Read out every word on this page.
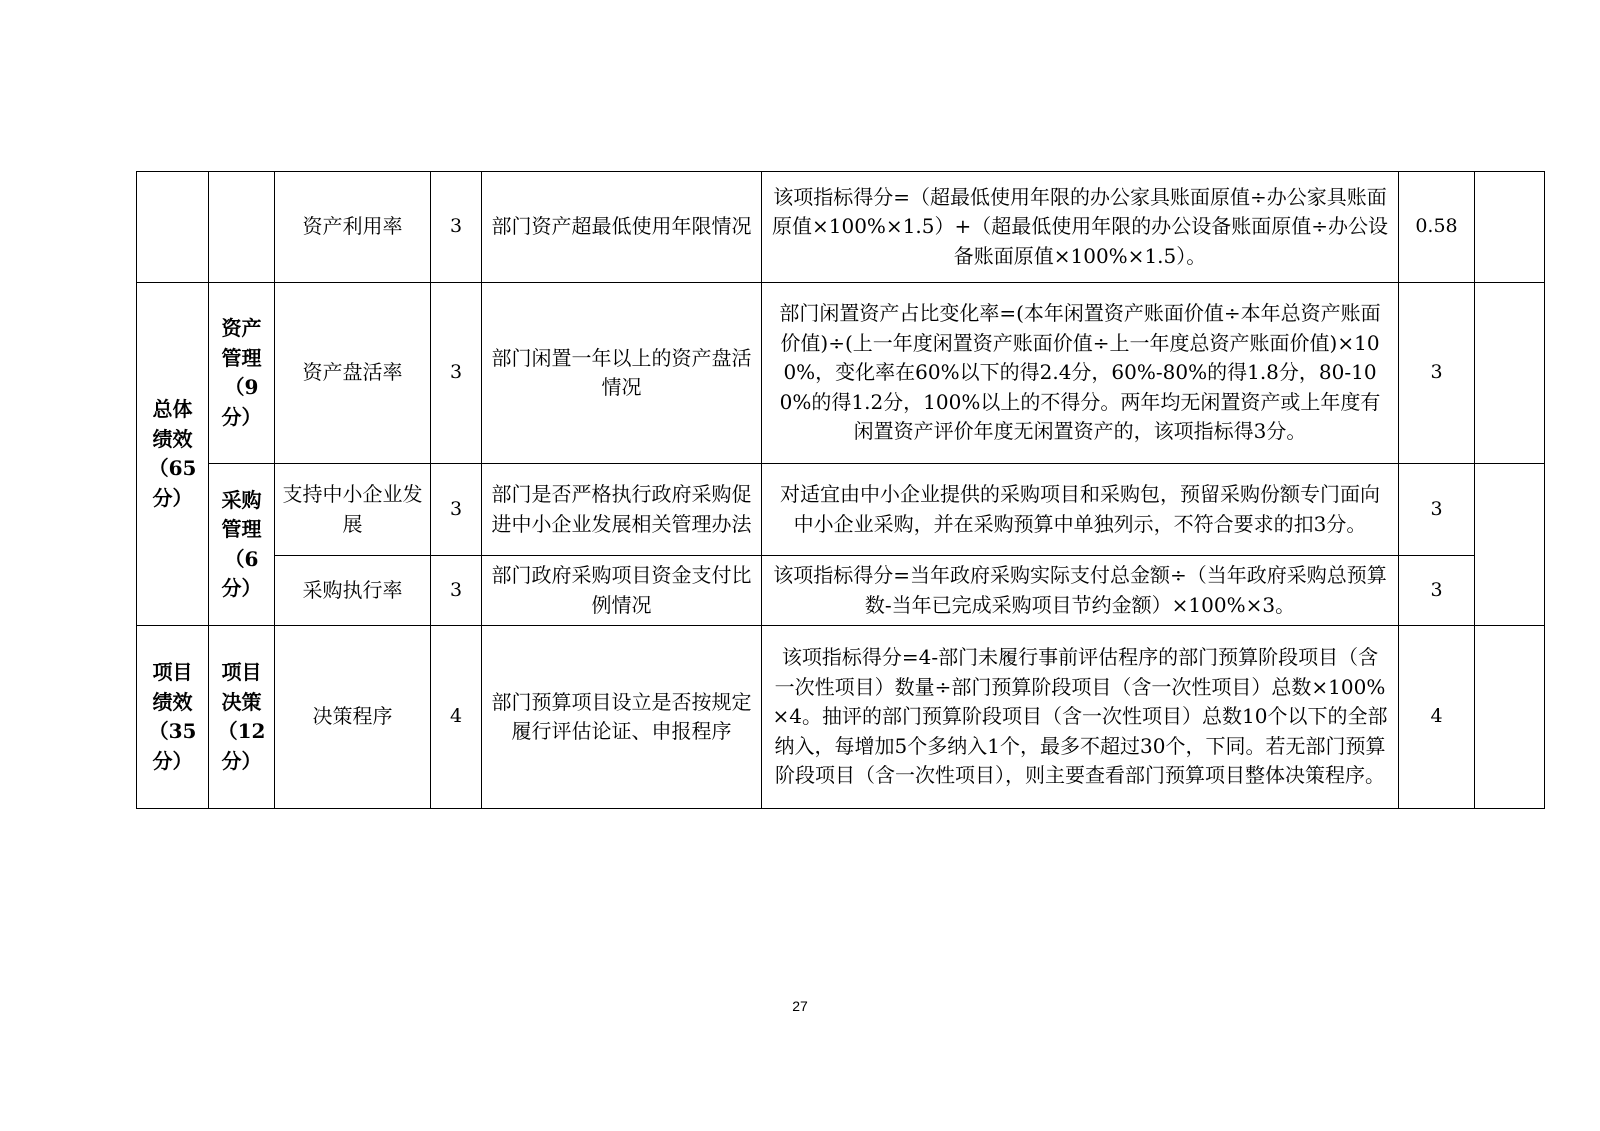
		资产利用率	3	部门资产超最低使用年限情况	该项指标得分=（超最低使用年限的办公家具账面原值÷办公家具账面原值×100%×1.5）+（超最低使用年限的办公设备账面原值÷办公设备账面原值×100%×1.5）。	0.58	
总体绩效（65分）	资产管理（9分）	资产盘活率	3	部门闲置一年以上的资产盘活情况	部门闲置资产占比变化率=(本年闲置资产账面价值÷本年总资产账面价值)÷(上一年度闲置资产账面价值÷上一年度总资产账面价值)×100%，变化率在60%以下的得2.4分，60%-80%的得1.8分，80-100%的得1.2分，100%以上的不得分。两年均无闲置资产或上年度有闲置资产评价年度无闲置资产的，该项指标得3分。	3	
	采购管理（6分）	支持中小企业发展	3	部门是否严格执行政府采购促进中小企业发展相关管理办法	对适宜由中小企业提供的采购项目和采购包，预留采购份额专门面向中小企业采购，并在采购预算中单独列示，不符合要求的扣3分。	3	
		采购执行率	3	部门政府采购项目资金支付比例情况	该项指标得分=当年政府采购实际支付总金额÷（当年政府采购总预算数-当年已完成采购项目节约金额）×100%×3。	3	
项目绩效（35分）	项目决策（12分）	决策程序	4	部门预算项目设立是否按规定履行评估论证、申报程序	该项指标得分=4-部门未履行事前评估程序的部门预算阶段项目（含一次性项目）数量÷部门预算阶段项目（含一次性项目）总数×100%×4。抽评的部门预算阶段项目（含一次性项目）总数10个以下的全部纳入，每增加5个多纳入1个，最多不超过30个，下同。若无部门预算阶段项目（含一次性项目），则主要查看部门预算项目整体决策程序。	4	
27
